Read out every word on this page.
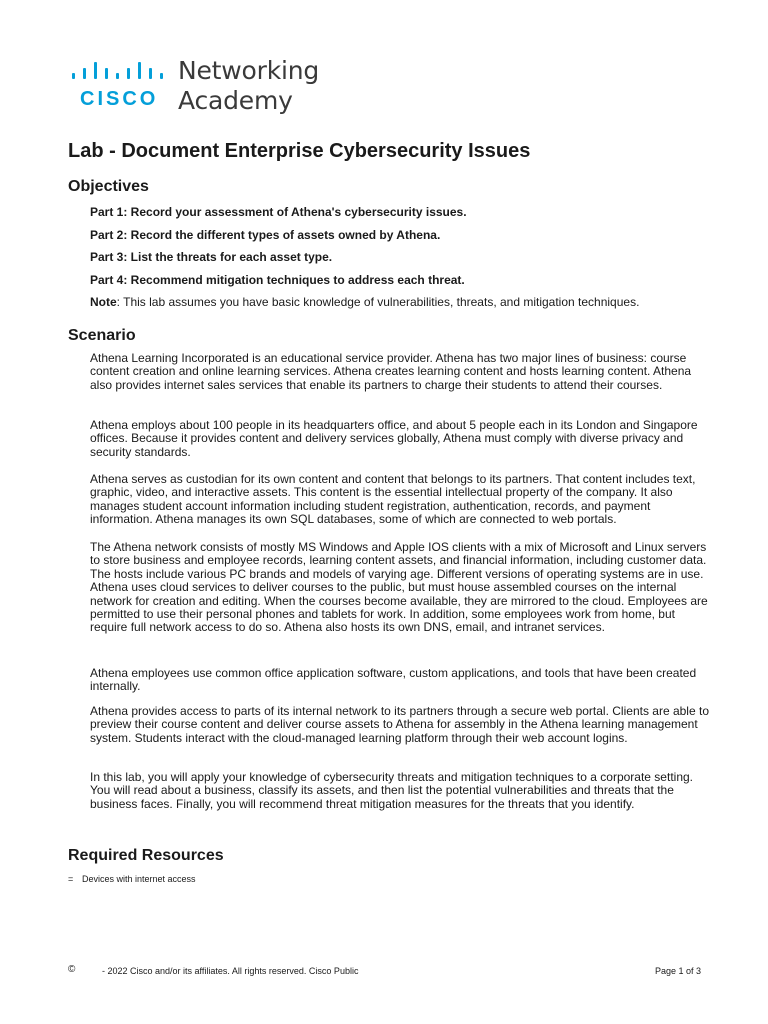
CISCO
Networking
Academy
Lab - Document Enterprise Cybersecurity Issues
Objectives

Part 1: Record your assessment of Athena's cybersecurity issues.

Part 2: Record the different types of assets owned by Athena.

Part 3: List the threats for each asset type.

Part 4: Recommend mitigation techniques to address each threat.

Note: This lab assumes you have basic knowledge of vulnerabilities, threats, and mitigation techniques.

Scenario

Athena Learning Incorporated is an educational service provider. Athena has two major lines of business: course content creation and online learning services. Athena creates learning content and hosts learning content. Athena also provides internet sales services that enable its partners to charge their students to attend their courses.

Athena employs about 100 people in its headquarters office, and about 5 people each in its London and Singapore offices. Because it provides content and delivery services globally, Athena must comply with diverse privacy and security standards.

Athena serves as custodian for its own content and content that belongs to its partners. That content includes text, graphic, video, and interactive assets. This content is the essential intellectual property of the company. It also manages student account information including student registration, authentication, records, and payment information. Athena manages its own SQL databases, some of which are connected to web portals.

The Athena network consists of mostly MS Windows and Apple IOS clients with a mix of Microsoft and Linux servers to store business and employee records, learning content assets, and financial information, including customer data. The hosts include various PC brands and models of varying age. Different versions of operating systems are in use. Athena uses cloud services to deliver courses to the public, but must house assembled courses on the internal network for creation and editing. When the courses become available, they are mirrored to the cloud. Employees are permitted to use their personal phones and tablets for work. In addition, some employees work from home, but require full network access to do so. Athena also hosts its own DNS, email, and intranet services.

Athena employees use common office application software, custom applications, and tools that have been created internally.

Athena provides access to parts of its internal network to its partners through a secure web portal. Clients are able to preview their course content and deliver course assets to Athena for assembly in the Athena learning management system. Students interact with the cloud-managed learning platform through their web account logins.

In this lab, you will apply your knowledge of cybersecurity threats and mitigation techniques to a corporate setting. You will read about a business, classify its assets, and then list the potential vulnerabilities and threats that the business faces. Finally, you will recommend threat mitigation measures for the threats that you identify.

Required Resources
= Devices with internet access
©	- 2022 Cisco and/or its affiliates. All rights reserved. Cisco Public	Page 1 of 3
